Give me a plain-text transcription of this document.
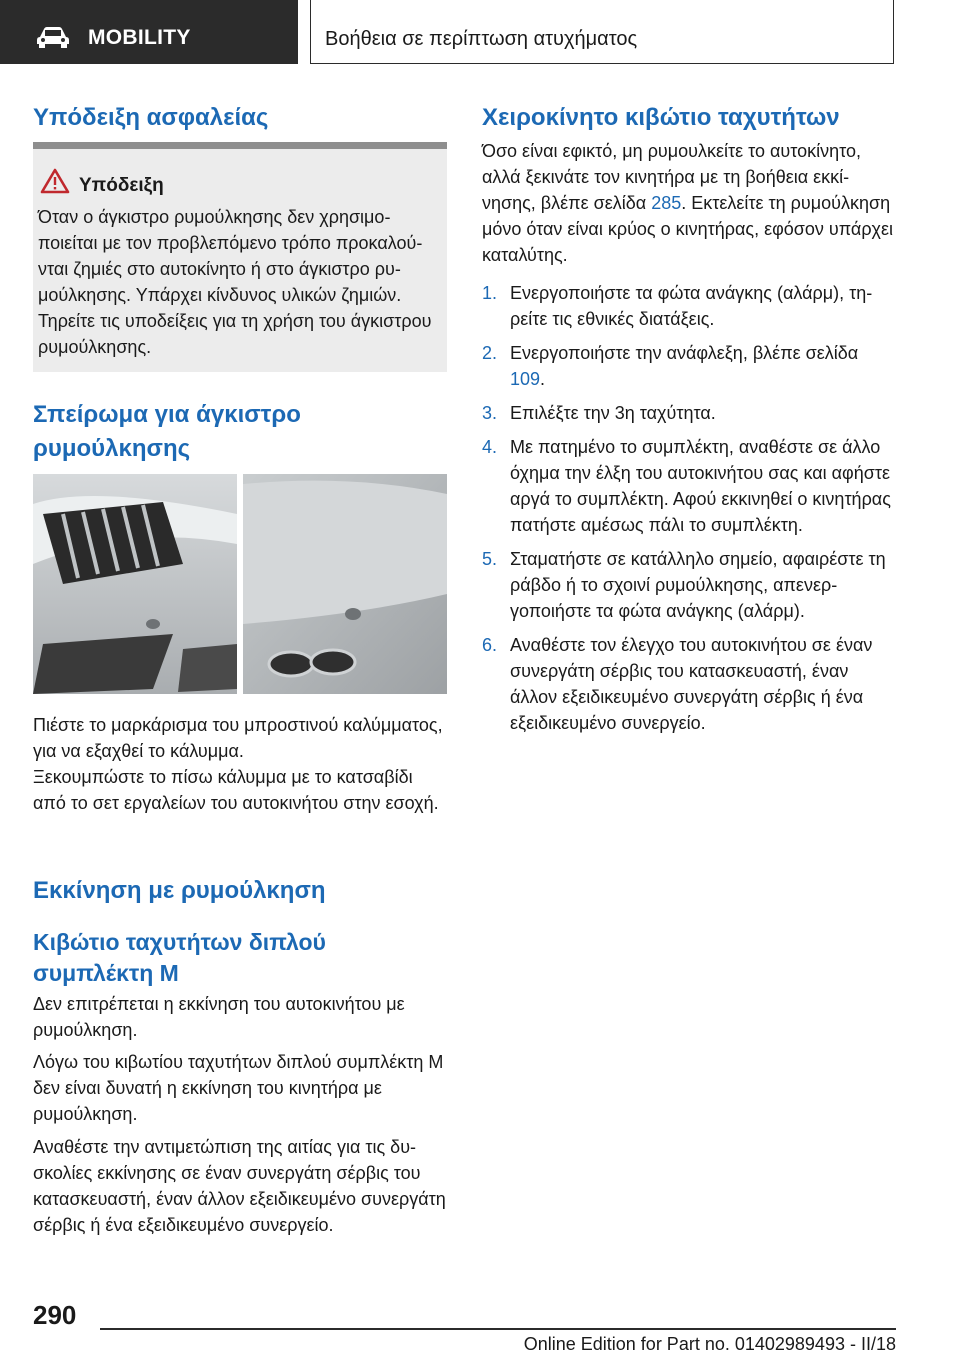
MOBILITY	Βοήθεια σε περίπτωση ατυχήματος
Υπόδειξη ασφαλείας
Υπόδειξη

Όταν ο άγκιστρο ρυμούλκησης δεν χρησιμοποιείται με τον προβλεπόμενο τρόπο προκαλούνται ζημιές στο αυτοκίνητο ή στο άγκιστρο ρυμούλκησης. Υπάρχει κίνδυνος υλικών ζημιών. Τηρείτε τις υποδείξεις για τη χρήση του άγκιστρου ρυμούλκησης.

Σπείρωμα για άγκιστρο ρυμούλκησης

Πιέστε το μαρκάρισμα του μπροστινού καλύμματος, για να εξαχθεί το κάλυμμα.

Ξεκουμπώστε το πίσω κάλυμμα με το κατσαβίδι από το σετ εργαλείων του αυτοκινήτου στην εσοχή.

Εκκίνηση με ρυμούλκηση
Κιβώτιο ταχυτήτων διπλού συμπλέκτη Μ

Δεν επιτρέπεται η εκκίνηση του αυτοκινήτου με ρυμούλκηση.

Λόγω του κιβωτίου ταχυτήτων διπλού συμπλέκτη Μ δεν είναι δυνατή η εκκίνηση του κινητήρα με ρυμούλκηση.

Αναθέστε την αντιμετώπιση της αιτίας για τις δυσκολίες εκκίνησης σε έναν συνεργάτη σέρβις του κατασκευαστή, έναν άλλον εξειδικευμένο συνεργάτη σέρβις ή ένα εξειδικευμένο συνεργείο.

Χειροκίνητο κιβώτιο ταχυτήτων

Όσο είναι εφικτό, μη ρυμουλκείτε το αυτοκίνητο, αλλά ξεκινάτε τον κινητήρα με τη βοήθεια εκκίνησης, βλέπε σελίδα 285. Εκτελείτε τη ρυμούλκηση μόνο όταν είναι κρύος ο κινητήρας, εφόσον υπάρχει καταλύτης.

1. Ενεργοποιήστε τα φώτα ανάγκης (αλάρμ), τηρείτε τις εθνικές διατάξεις.
2. Ενεργοποιήστε την ανάφλεξη, βλέπε σελίδα 109.
3. Επιλέξτε την 3η ταχύτητα.
4. Με πατημένο το συμπλέκτη, αναθέστε σε άλλο όχημα την έλξη του αυτοκινήτου σας και αφήστε αργά το συμπλέκτη. Αφού εκκινηθεί ο κινητήρας πατήστε αμέσως πάλι το συμπλέκτη.
5. Σταματήστε σε κατάλληλο σημείο, αφαιρέστε τη ράβδο ή το σχοινί ρυμούλκησης, απενεργοποιήστε τα φώτα ανάγκης (αλάρμ).
6. Αναθέστε τον έλεγχο του αυτοκινήτου σε έναν συνεργάτη σέρβις του κατασκευαστή, έναν άλλον εξειδικευμένο συνεργάτη σέρβις ή ένα εξειδικευμένο συνεργείο.
290
Online Edition for Part no. 01402989493 - II/18
